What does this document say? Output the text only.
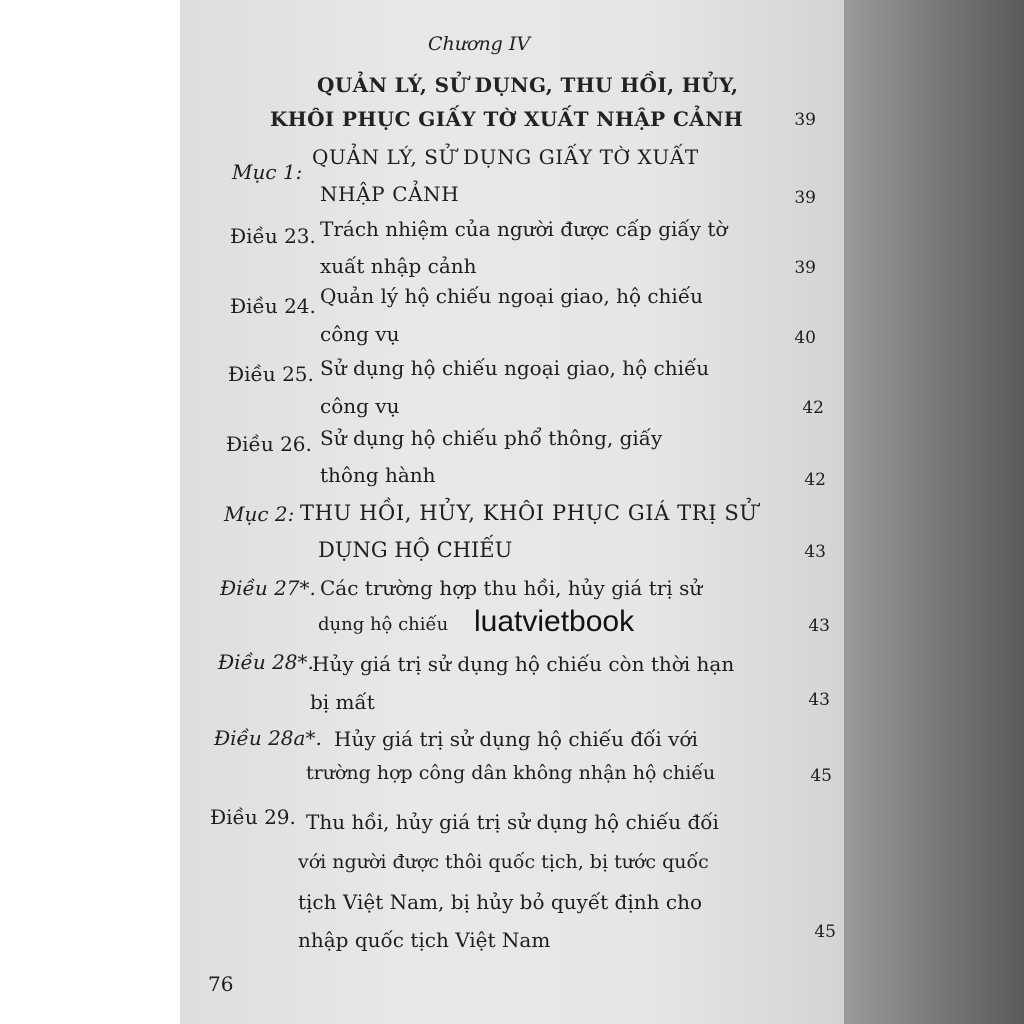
Chương IV
QUẢN LÝ, SỬ DỤNG, THU HỒI, HỦY,
KHÔI PHỤC GIẤY TỜ XUẤT NHẬP CẢNH	39
Mục 1:
QUẢN LÝ, SỬ DỤNG GIẤY TỜ XUẤT
NHẬP CẢNH	39
Điều 23. Trách nhiệm của người được cấp giấy tờ
xuất nhập cảnh	39
Điều 24. Quản lý hộ chiếu ngoại giao, hộ chiếu
công vụ	40
Điều 25. Sử dụng hộ chiếu ngoại giao, hộ chiếu
công vụ	42
Điều 26. Sử dụng hộ chiếu phổ thông, giấy
thông hành	42
Mục 2: THU HỒI, HỦY, KHÔI PHỤC GIÁ TRỊ SỬ
DỤNG HỘ CHIẾU	43
Điều 27*. Các trường hợp thu hồi, hủy giá trị sử
dụng hộ chiếu	43
luatvietbook
Điều 28*.
Hủy giá trị sử dụng hộ chiếu còn thời hạn
bị mất	43
Điều 28a*. Hủy giá trị sử dụng hộ chiếu đối với
trường hợp công dân không nhận hộ chiếu	45
Điều 29. Thu hồi, hủy giá trị sử dụng hộ chiếu đối
với người được thôi quốc tịch, bị tước quốc
tịch Việt Nam, bị hủy bỏ quyết định cho
nhập quốc tịch Việt Nam	45
76
